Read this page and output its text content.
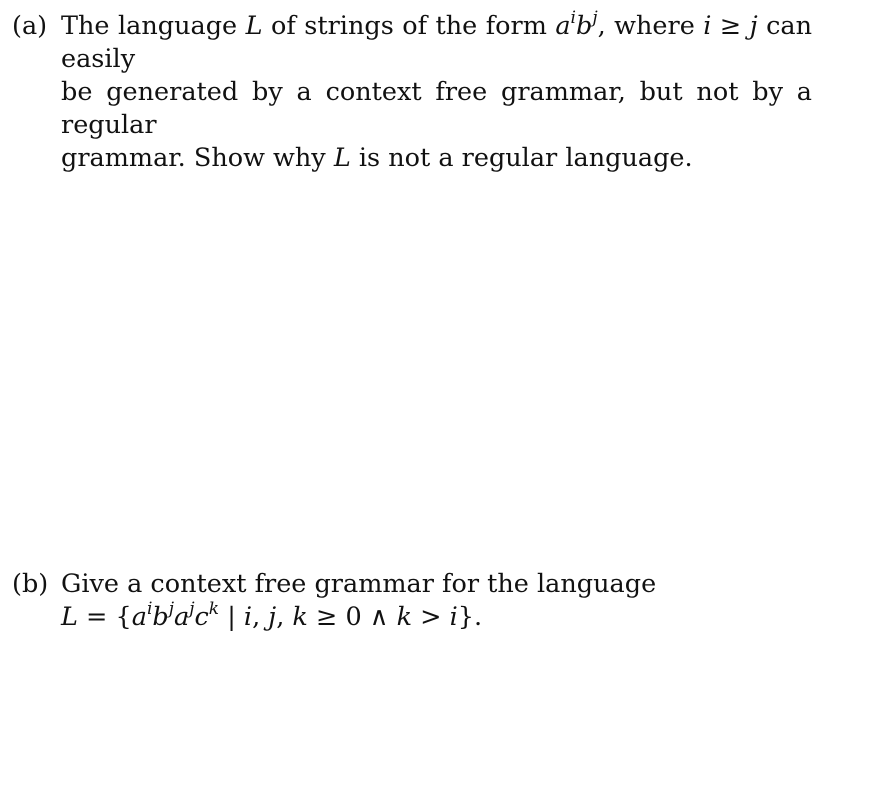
(a) The language L of strings of the form $a^ib^j$, where i ≥ j can easily
be generated by a context free grammar, but not by a regular
grammar. Show why L is not a regular language.
(b) Give a context free grammar for the language
$L = \{a^ib^ja^jc^k$ | i, j, k ≥ 0 ∧ k > i}.
